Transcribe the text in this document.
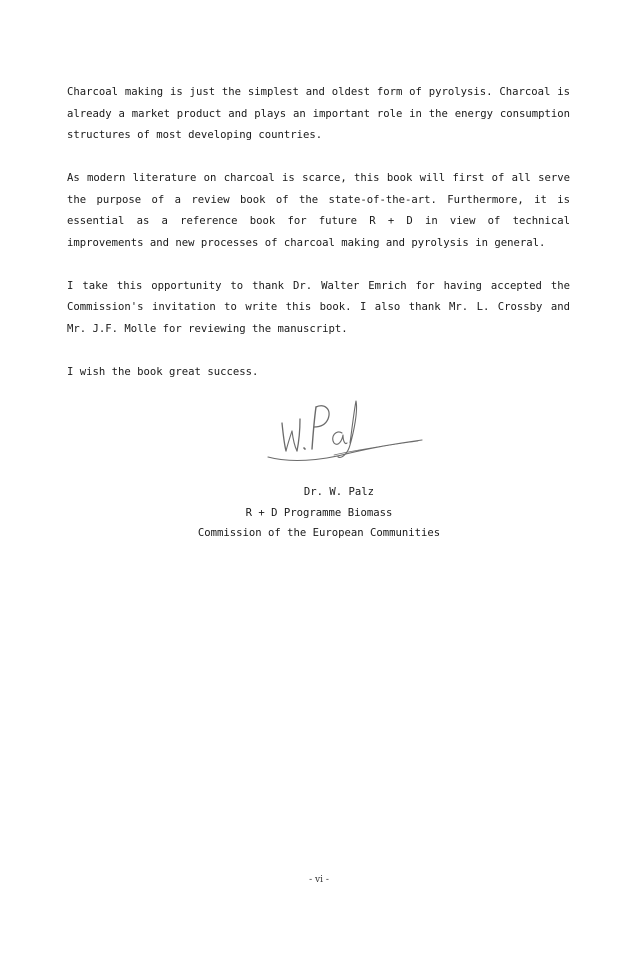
Charcoal making is just the simplest and oldest form of pyrolysis. Charcoal is already a market product and plays an important role in the energy consumption structures of most developing countries.

As modern literature on charcoal is scarce, this book will first of all serve the purpose of a review book of the state-of-the-art. Furthermore, it is essential as a reference book for future R + D in view of technical improvements and new processes of charcoal making and pyrolysis in general.

I take this opportunity to thank Dr. Walter Emrich for having accepted the Commission's invitation to write this book. I also thank Mr. L. Crossby and Mr. J.F. Molle for reviewing the manuscript.

I wish the book great success.

Dr. W. Palz
R + D Programme Biomass
Commission of the European Communities
- vi -
